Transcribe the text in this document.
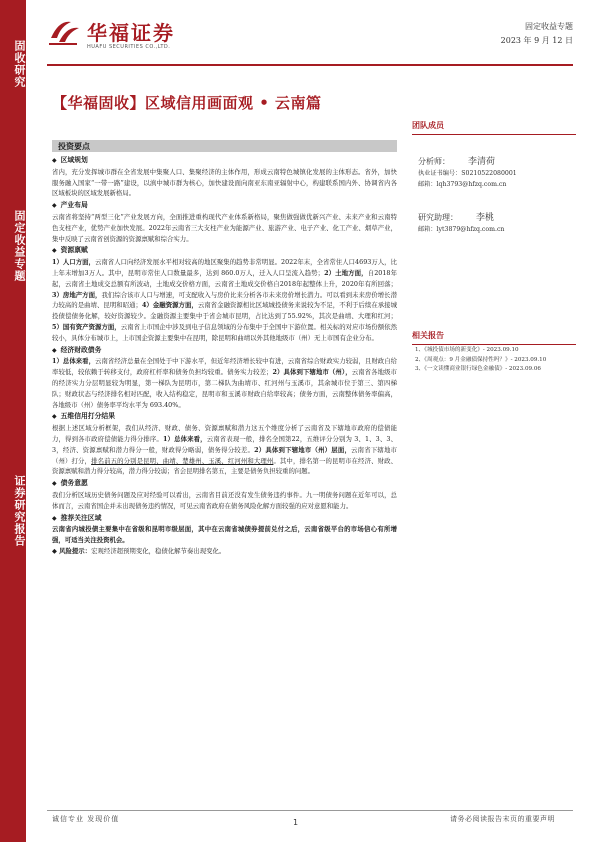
固收研究
固定收益专题
证券研究报告
华福证券
HUAFU SECURITIES CO.,LTD.
固定收益专题
2023 年 9 月 12 日
【华福固收】区域信用画面观 • 云南篇
团队成员
分析师： 李清荷
执业证书编号：S0210522080001
邮箱：lqh3793@hfzq.com.cn
研究助理： 李桃
邮箱：lyt3879@hfzq.com.cn
相关报告
1、《城投债市场的新变化》- 2023.09.10
2、《周观点：9 月金融债保持性吗？》- 2023.09.10
3、《一文读懂商业银行绿色金融债》- 2023.09.06
投资要点
◆ 区域规划
省内，充分发挥城市群在全省发展中集聚人口、集聚经济的主体作用，形成云南特色城镇化发展的主体形态。省外，加快服务融入国家“一带一路”建设，以滇中城市群为核心，加快建设面向南亚东南亚辐射中心，构建联系国内外、协调省内各区域板块的区域发展新格局。
◆ 产业布局
云南省将坚持“两型三化”产业发展方向，全面推进重构现代产业体系新格局，聚焦做强做优新兴产业、未来产业和云南特色支柱产业，优势产业加快发展。2022年云南省三大支柱产业为能源产业、旅游产业、电子产业、化工产业、烟草产业，集中反映了云南省创资源的资源禀赋和综合实力。
◆ 资源禀赋
1）人口方面，云南省人口向经济发展水平相对较高的地区聚集的趋势非常明显。2022年末，全省常住人口4693万人，比上年末增加3万人。其中，昆明市常住人口数量最多，达到 860.0万人，迁入人口呈流入趋势；2）土地方面，自2018年起，云南省土地成交总额有所波动，土地成交价格方面，云南省土地成交价格自2018年起整体上升，2020年有所回落；3）房地产方面，我们综合该市人口与增速，可支配收入与房价比来分析各市未来房价增长潜力。可以看到未来房价增长潜力较高的是曲靖、昆明和昭通；4）金融资源方面，云南省金融资源相比区域城投债务来说较为不足，不利于后续在承接城投债偿债务化解，较好资源较少。金融资源主要集中于省会城市昆明，占比达到了55.92%，其次是曲靖、大理和红河；5）国有资产资源方面，云南省上市国企中涉及到电子信息领域的分布集中于全国中下游位置。相关标的对应市场份额依然较小，具体分布城市上，上市国企资源主要集中在昆明，除昆明和曲靖以外其他地级市（州）无上市国有企业分布。
◆ 经济财政债务
1）总体来看，云南省经济总量在全国处于中下游水平，但近年经济增长较中有进，云南省综合财政实力较弱，且财政自给率较低，较依赖于转移支付，政府杠杆率和债务负担均较重。债务实力较差；2）具体到下辖地市（州），云南省各地级市的经济实力分层明显较为明显，第一梯队为昆明市，第二梯队为曲靖市、红河州与玉溪市，其余城市位于第三、第四梯队；财政状态与经济排名相对匹配，收入结构稳定，昆明市和玉溪市财政自给率较高；债务方面，云南整体债务率偏高，各地级市（州）债务率平均水平为 693.40%。
◆ 五维信用打分结果
根据上述区域分析框架，我们从经济、财政、债务、资源禀赋和潜力这五个维度分析了云南省及下辖地市政府的偿债能力，得到各市政府偿债能力得分排序。1）总体来看，云南省表现一般，排名全国第22，五维评分分别为 3、1、3、3、3，经济、资源禀赋和潜力得分一般，财政得分略弱，债务得分较差。2）具体到下辖地市（州）层面，云南省下辖地市（州）打分，排名前五的分别是昆明、曲靖、楚雄州、玉溪、红河州和大理州。其中，排名第一的昆明市在经济、财政、资源禀赋和潜力得分较高，潜力得分较弱；省会昆明排名第五，主要是债务负担较重的问题。
◆ 债务意愿
我们分析区域历史债务问题及应对经验可以看出，云南省目前还没有发生债务违约事件。九一明债务问题在近年可以，总体而言，云南省国企并未出现债务违约情况，可见云南省政府在债务风险化解方面较强的应对意愿和能力。
◆ 推荐关注区域
云南省内城投债主要集中在省级和昆明市级层面，其中在云南省城债券提前兑付之后，云南省级平台的市场信心有所增强，可适当关注投资机会。
◆ 风险提示：宏观经济超预期变化，稳债化解节奏出现变化。
诚信专业 发现价值	1	请务必阅读报告末页的重要声明
